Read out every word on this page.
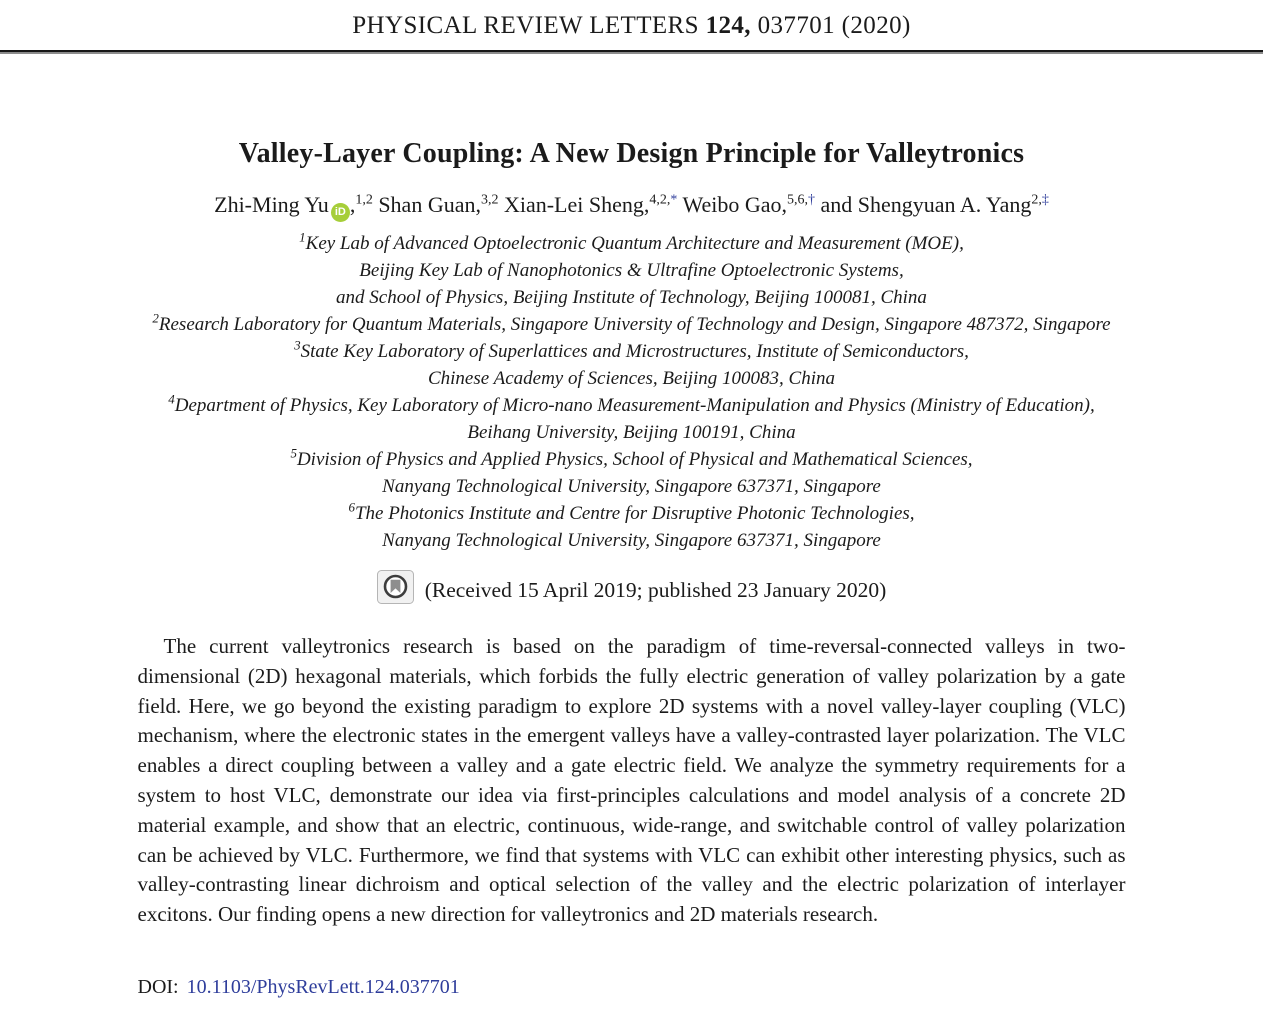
PHYSICAL REVIEW LETTERS 124, 037701 (2020)
Valley-Layer Coupling: A New Design Principle for Valleytronics
Zhi-Ming Yu iD ,$^{1,2}$ Shan Guan,$^{3,2}$ Xian-Lei Sheng,$^{4,2,*}$ Weibo Gao,$^{5,6,\dagger}$ and Shengyuan A. Yang$^{2,\ddagger}$
$^1$Key Lab of Advanced Optoelectronic Quantum Architecture and Measurement (MOE),
Beijing Key Lab of Nanophotonics & Ultrafine Optoelectronic Systems,
and School of Physics, Beijing Institute of Technology, Beijing 100081, China
$^2$Research Laboratory for Quantum Materials, Singapore University of Technology and Design, Singapore 487372, Singapore
$^3$State Key Laboratory of Superlattices and Microstructures, Institute of Semiconductors,
Chinese Academy of Sciences, Beijing 100083, China
$^4$Department of Physics, Key Laboratory of Micro-nano Measurement-Manipulation and Physics (Ministry of Education),
Beihang University, Beijing 100191, China
$^5$Division of Physics and Applied Physics, School of Physical and Mathematical Sciences,
Nanyang Technological University, Singapore 637371, Singapore
$^6$The Photonics Institute and Centre for Disruptive Photonic Technologies,
Nanyang Technological University, Singapore 637371, Singapore
(Received 15 April 2019; published 23 January 2020)
The current valleytronics research is based on the paradigm of time-reversal-connected valleys in two-dimensional (2D) hexagonal materials, which forbids the fully electric generation of valley polarization by a gate field. Here, we go beyond the existing paradigm to explore 2D systems with a novel valley-layer coupling (VLC) mechanism, where the electronic states in the emergent valleys have a valley-contrasted layer polarization. The VLC enables a direct coupling between a valley and a gate electric field. We analyze the symmetry requirements for a system to host VLC, demonstrate our idea via first-principles calculations and model analysis of a concrete 2D material example, and show that an electric, continuous, wide-range, and switchable control of valley polarization can be achieved by VLC. Furthermore, we find that systems with VLC can exhibit other interesting physics, such as valley-contrasting linear dichroism and optical selection of the valley and the electric polarization of interlayer excitons. Our finding opens a new direction for valleytronics and 2D materials research.
DOI: 10.1103/PhysRevLett.124.037701
